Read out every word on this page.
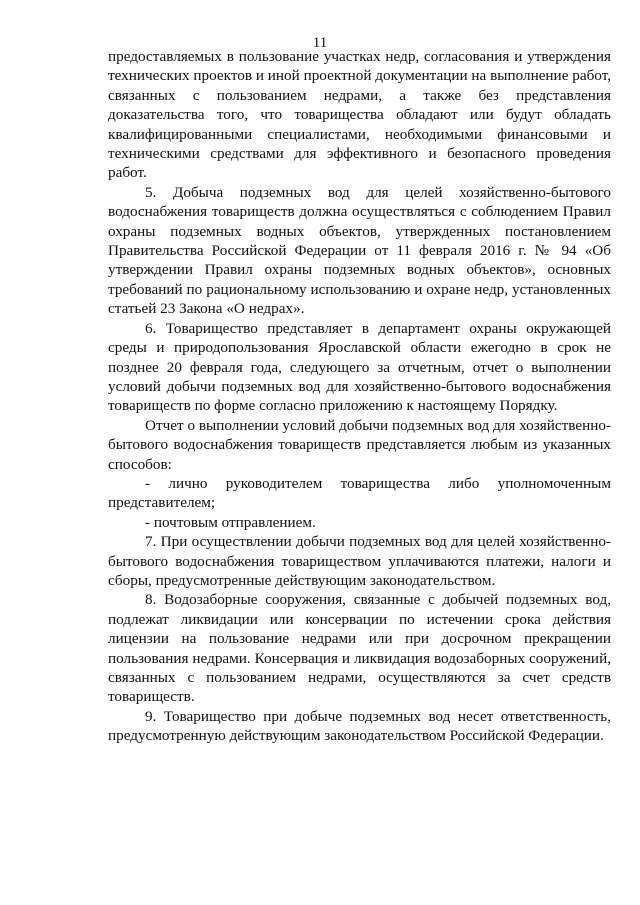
11

предоставляемых в пользование участках недр, согласования и утверждения технических проектов и иной проектной документации на выполнение работ, связанных с пользованием недрами, а также без представления доказательства того, что товарищества обладают или будут обладать квалифицированными специалистами, необходимыми финансовыми и техническими средствами для эффективного и безопасного проведения работ.

5. Добыча подземных вод для целей хозяйственно-бытового водоснабжения товариществ должна осуществляться с соблюдением Правил охраны подземных водных объектов, утвержденных постановлением Правительства Российской Федерации от 11 февраля 2016 г. № 94 «Об утверждении Правил охраны подземных водных объектов», основных требований по рациональному использованию и охране недр, установленных статьей 23 Закона «О недрах».

6. Товарищество представляет в департамент охраны окружающей среды и природопользования Ярославской области ежегодно в срок не позднее 20 февраля года, следующего за отчетным, отчет о выполнении условий добычи подземных вод для хозяйственно-бытового водоснабжения товариществ по форме согласно приложению к настоящему Порядку.

Отчет о выполнении условий добычи подземных вод для хозяйственно-бытового водоснабжения товариществ представляется любым из указанных способов:

- лично руководителем товарищества либо уполномоченным представителем;

- почтовым отправлением.

7. При осуществлении добычи подземных вод для целей хозяйственно-бытового водоснабжения товариществом уплачиваются платежи, налоги и сборы, предусмотренные действующим законодательством.

8. Водозаборные сооружения, связанные с добычей подземных вод, подлежат ликвидации или консервации по истечении срока действия лицензии на пользование недрами или при досрочном прекращении пользования недрами. Консервация и ликвидация водозаборных сооружений, связанных с пользованием недрами, осуществляются за счет средств товариществ.

9. Товарищество при добыче подземных вод несет ответственность, предусмотренную действующим законодательством Российской Федерации.
